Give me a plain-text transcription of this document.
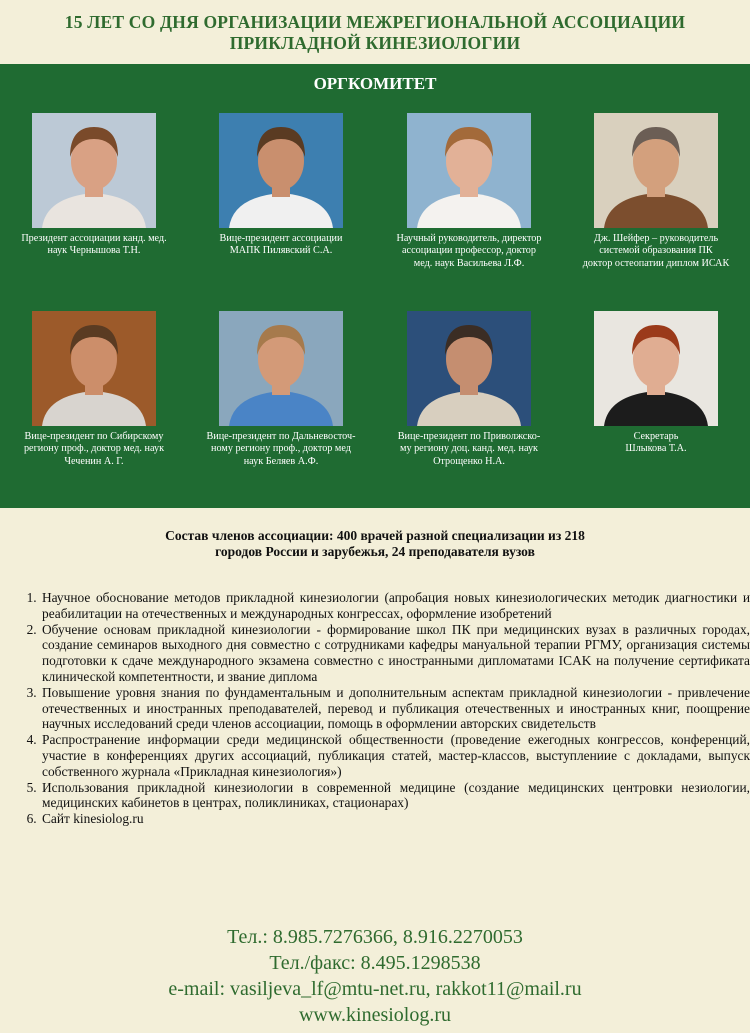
15 ЛЕТ СО ДНЯ ОРГАНИЗАЦИИ МЕЖРЕГИОНАЛЬНОЙ АССОЦИАЦИИ
ПРИКЛАДНОЙ КИНЕЗИОЛОГИИ
ОРГКОМИТЕТ
Президент ассоциации канд. мед.
наук Чернышова Т.Н.
Вице-президент ассоциации
МАПК Пилявский С.А.
Научный руководитель, директор
ассоциации профессор, доктор
мед. наук Васильева Л.Ф.
Дж. Шейфер – руководитель
системой образования ПК
доктор остеопатии диплом ИСАК
Вице-президент по Сибирскому
региону проф., доктор мед. наук
Чеченин А. Г.
Вице-президент по Дальневосточ-
ному региону проф., доктор мед
наук Беляев А.Ф.
Вице-президент по Приволжско-
му региону доц. канд. мед. наук
Отрощенко Н.А.
Секретарь
Шлыкова Т.А.
Состав членов ассоциации: 400 врачей разной специализации из 218
городов России и зарубежья, 24 преподавателя вузов
1. Научное обоснование методов прикладной кинезиологии (апробация новых кинезиологических методик диагностики и реабилитации на отечественных и международных конгрессах, оформление изобретений
2. Обучение основам прикладной кинезиологии - формирование школ ПК при медицинских вузах в различных городах, создание семинаров выходного дня совместно с сотрудниками кафедры мануальной терапии РГМУ, организация системы подготовки к сдаче международного экзамена совместно с иностранными дипломатами ICAK на получение сертификата клинической компетентности, и звание диплома
3. Повышение уровня знания по фундаментальным и дополнительным аспектам прикладной кинезиологии - привлечение отечественных и иностранных преподавателей, перевод и публикация отечественных и иностранных книг, поощрение научных исследований среди членов ассоциации, помощь в оформлении авторских свидетельств
4. Распространение информации среди медицинской общественности (проведение ежегодных конгрессов, конференций, участие в конференциях других ассоциаций, публикация статей, мастер-классов, выступлениие с докладами, выпуск собственного журнала «Прикладная кинезиология»)
5. Использования прикладной кинезиологии в современной медицине (создание медицинских центровки незиологии, медицинских кабинетов в центрах, поликлиниках, стационарах)
6. Сайт kinesiolog.ru
Тел.: 8.985.7276366, 8.916.2270053
Тел./факс: 8.495.1298538
e-mail: vasiljeva_lf@mtu-net.ru, rakkot11@mail.ru
www.kinesiolog.ru
